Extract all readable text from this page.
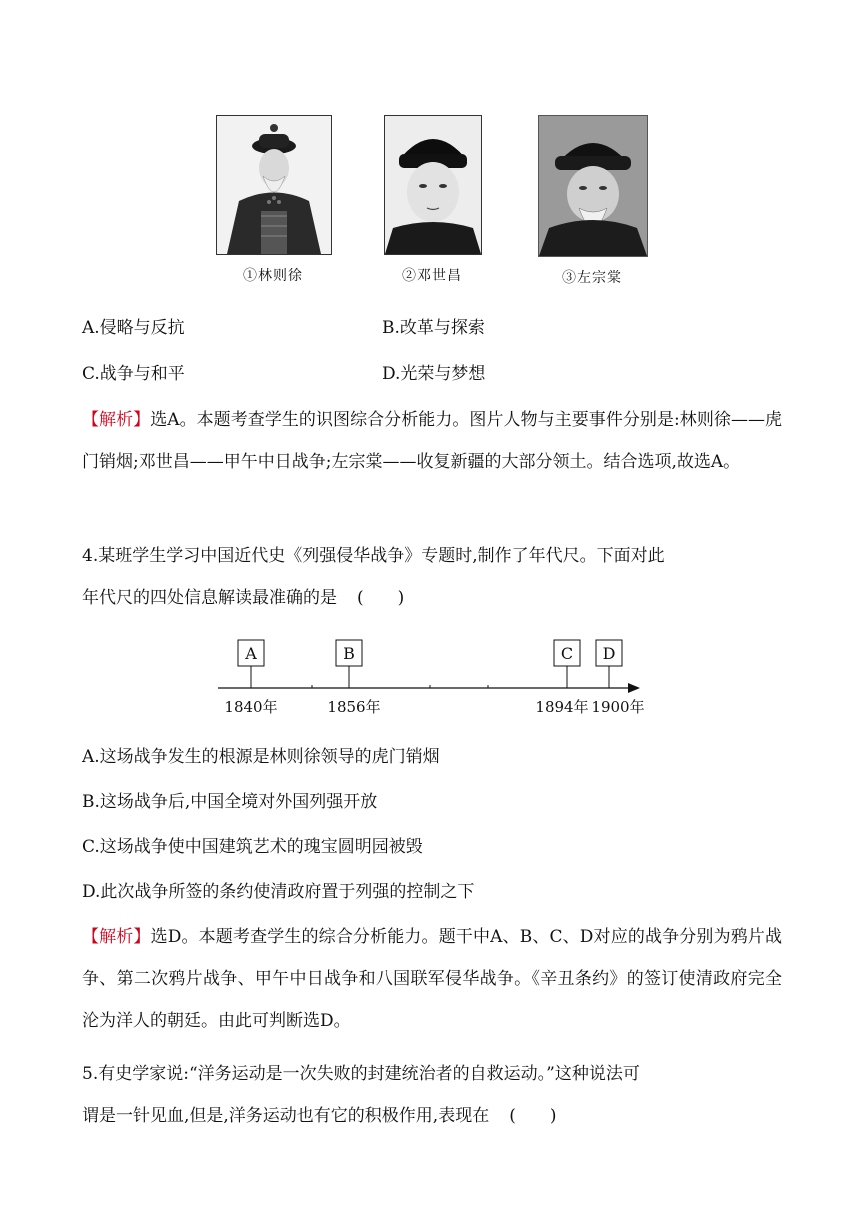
①林则徐	②邓世昌	③左宗棠
A.侵略与反抗	B.改革与探索
C.战争与和平	D.光荣与梦想
【解析】选A。本题考查学生的识图综合分析能力。图片人物与主要事件分别是:林则徐——虎门销烟;邓世昌——甲午中日战争;左宗棠——收复新疆的大部分领土。结合选项,故选A。
4.某班学生学习中国近代史《列强侵华战争》专题时,制作了年代尺。下面对此
年代尺的四处信息解读最准确的是 (　　)
A
1840年
B
1856年
C
1894年
D
1900年
A.这场战争发生的根源是林则徐领导的虎门销烟
B.这场战争后,中国全境对外国列强开放
C.这场战争使中国建筑艺术的瑰宝圆明园被毁
D.此次战争所签的条约使清政府置于列强的控制之下
【解析】选D。本题考查学生的综合分析能力。题干中A、B、C、D对应的战争分别为鸦片战争、第二次鸦片战争、甲午中日战争和八国联军侵华战争。《辛丑条约》的签订使清政府完全沦为洋人的朝廷。由此可判断选D。
5.有史学家说:“洋务运动是一次失败的封建统治者的自救运动。”这种说法可
谓是一针见血,但是,洋务运动也有它的积极作用,表现在 (　　)
